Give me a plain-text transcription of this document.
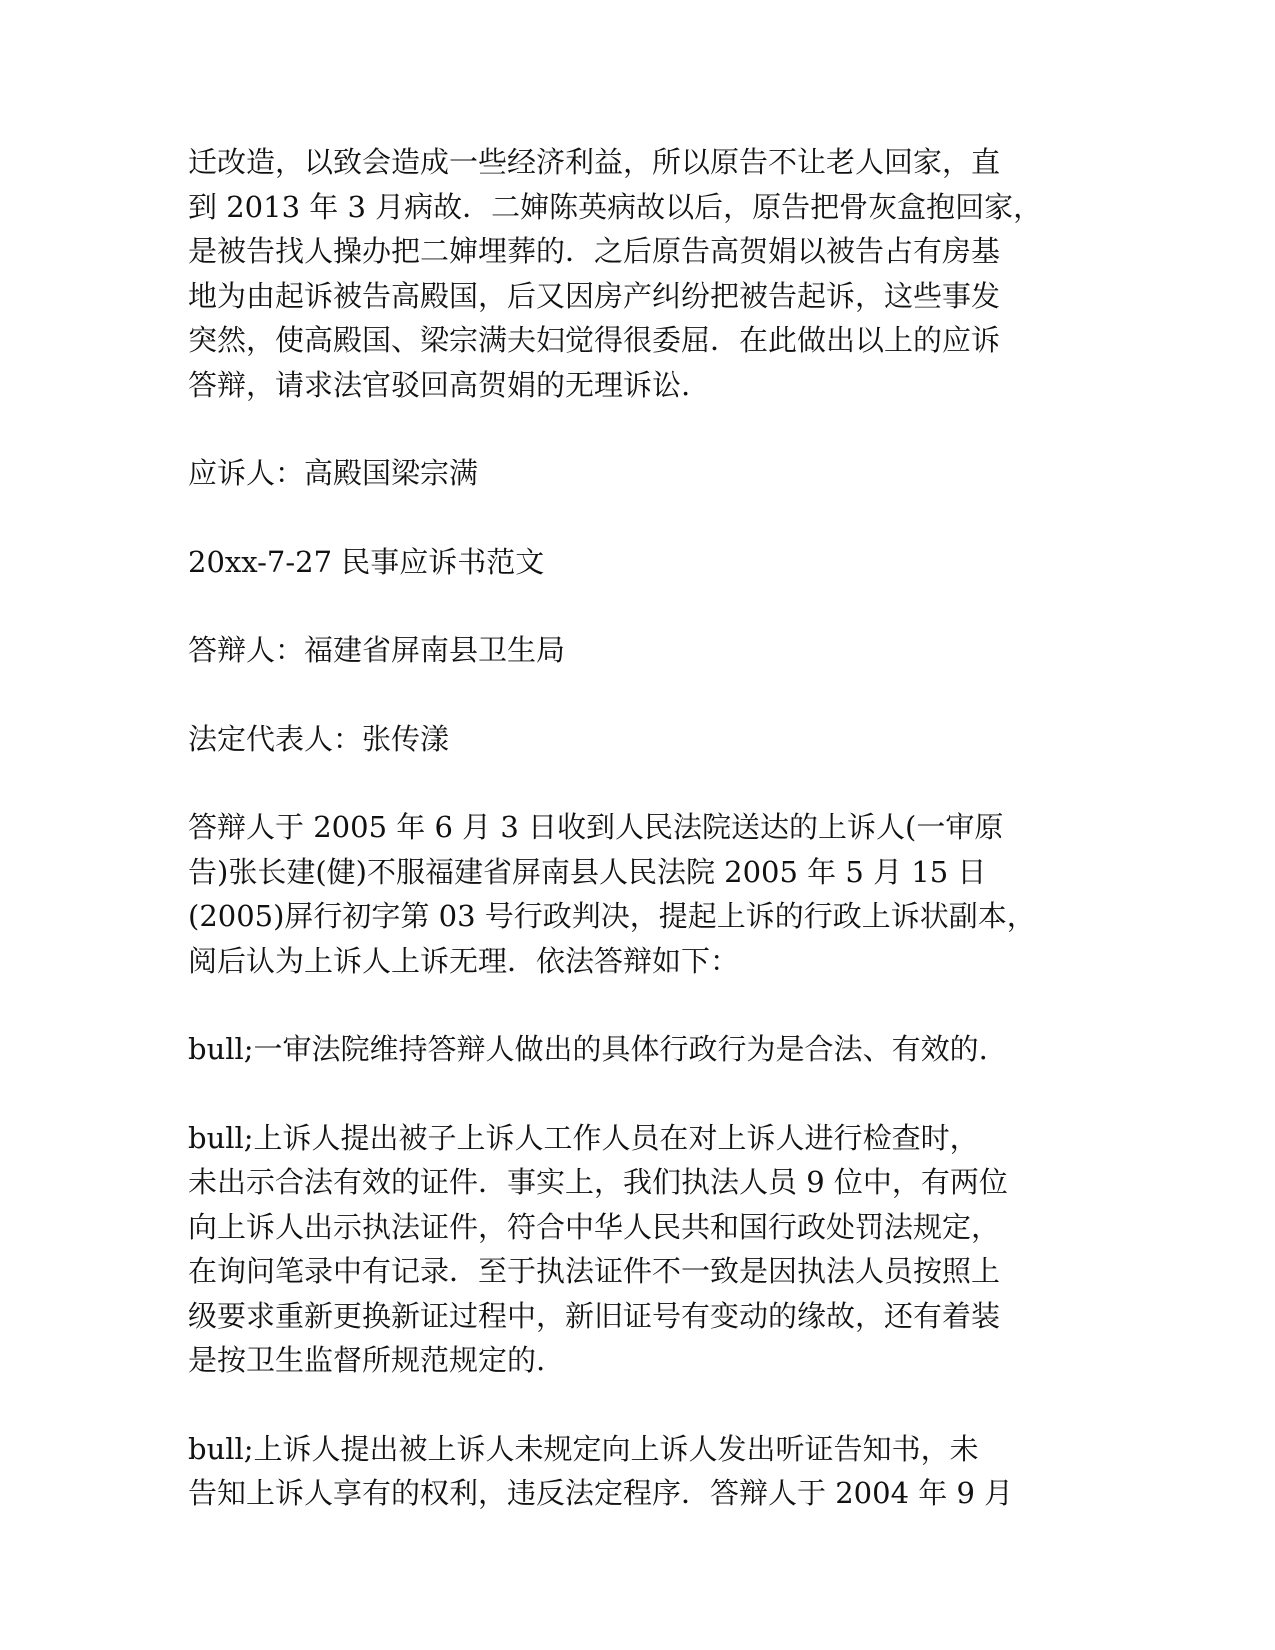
迁改造，以致会造成一些经济利益，所以原告不让老人回家，直
到 2013 年 3 月病故．二婶陈英病故以后，原告把骨灰盒抱回家，
是被告找人操办把二婶埋葬的．之后原告高贺娟以被告占有房基
地为由起诉被告高殿国，后又因房产纠纷把被告起诉，这些事发
突然，使高殿国、梁宗满夫妇觉得很委屈．在此做出以上的应诉
答辩，请求法官驳回高贺娟的无理诉讼.

应诉人：高殿国梁宗满

20xx-7-27 民事应诉书范文

答辩人：福建省屏南县卫生局

法定代表人：张传漾

答辩人于 2005 年 6 月 3 日收到人民法院送达的上诉人(一审原
告)张长建(健)不服福建省屏南县人民法院 2005 年 5 月 15 日
(2005)屏行初字第 03 号行政判决，提起上诉的行政上诉状副本，
阅后认为上诉人上诉无理．依法答辩如下：

bull;一审法院维持答辩人做出的具体行政行为是合法、有效的.

bull;上诉人提出被子上诉人工作人员在对上诉人进行检查时，
未出示合法有效的证件．事实上，我们执法人员 9 位中，有两位
向上诉人出示执法证件，符合中华人民共和国行政处罚法规定，
在询问笔录中有记录．至于执法证件不一致是因执法人员按照上
级要求重新更换新证过程中，新旧证号有变动的缘故，还有着装
是按卫生监督所规范规定的.

bull;上诉人提出被上诉人未规定向上诉人发出听证告知书，未
告知上诉人享有的权利，违反法定程序．答辩人于 2004 年 9 月
